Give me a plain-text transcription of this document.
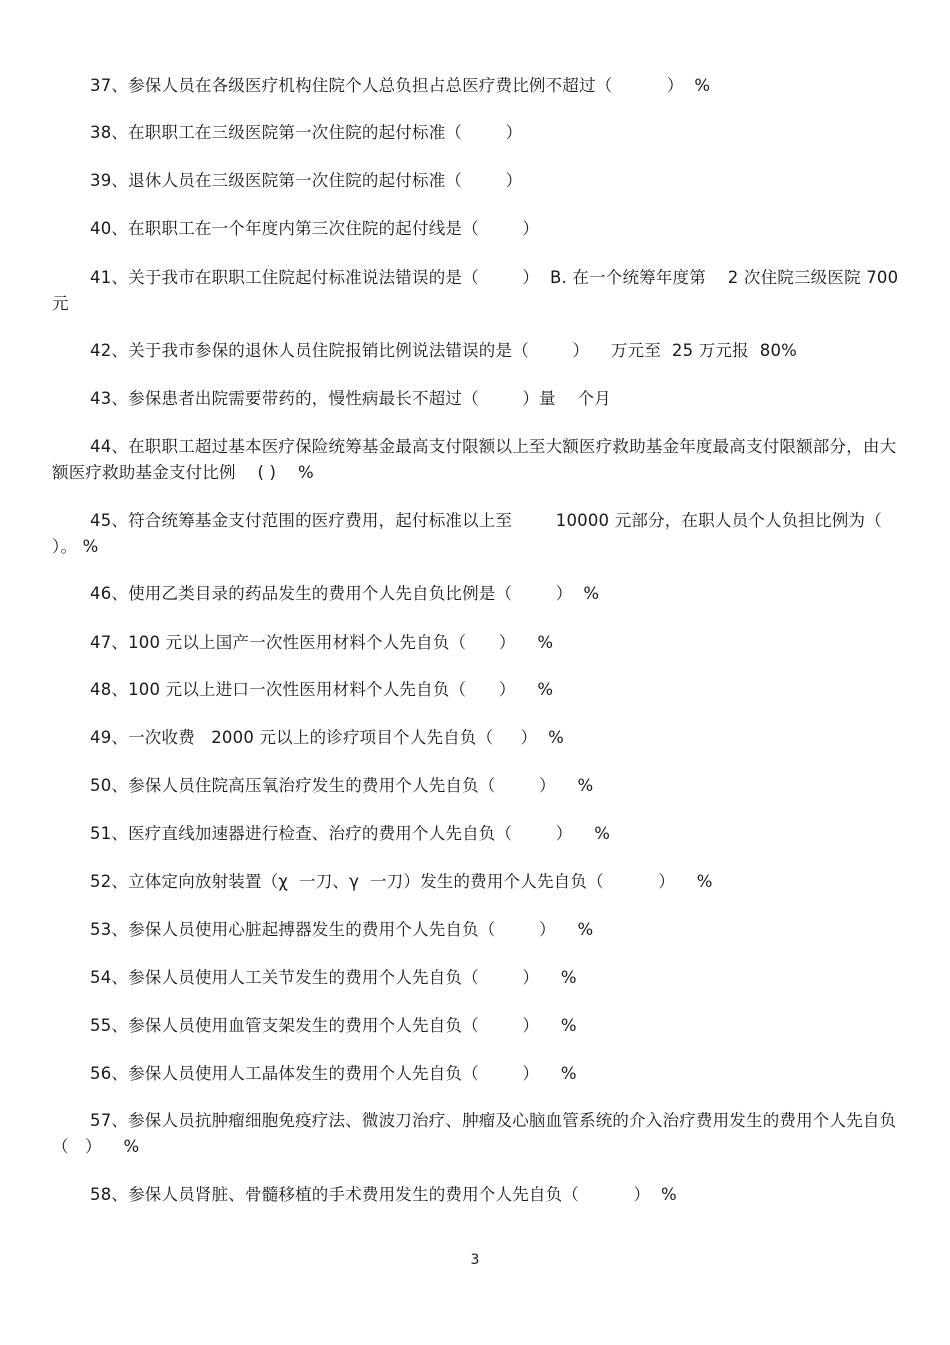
37、参保人员在各级医疗机构住院个人总负担占总医疗费比例不超过（          ）  %
38、在职职工在三级医院第一次住院的起付标准（        ）
39、退休人员在三级医院第一次住院的起付标准（        ）
40、在职职工在一个年度内第三次住院的起付线是（        ）
41、关于我市在职职工住院起付标准说法错误的是（        ）  B. 在一个统筹年度第    2 次住院三级医院 700 元
42、关于我市参保的退休人员住院报销比例说法错误的是（        ）    万元至  25 万元报  80%
43、参保患者出院需要带药的，慢性病最长不超过（        ）量    个月
44、在职职工超过基本医疗保险统筹基金最高支付限额以上至大额医疗救助基金年度最高支付限额部分，由大额医疗救助基金支付比例    ( )    %
45、符合统筹基金支付范围的医疗费用，起付标准以上至        10000 元部分，在职人员个人负担比例为（  ）。 %
46、使用乙类目录的药品发生的费用个人先自负比例是（        ）  %
47、100 元以上国产一次性医用材料个人先自负（      ）    %
48、100 元以上进口一次性医用材料个人先自负（      ）    %
49、一次收费   2000 元以上的诊疗项目个人先自负（     ）  %
50、参保人员住院高压氧治疗发生的费用个人先自负（        ）    %
51、医疗直线加速器进行检查、治疗的费用个人先自负（        ）    %
52、立体定向放射装置（χ  一刀、γ  一刀）发生的费用个人先自负（          ）    %
53、参保人员使用心脏起搏器发生的费用个人先自负（        ）    %
54、参保人员使用人工关节发生的费用个人先自负（        ）    %
55、参保人员使用血管支架发生的费用个人先自负（        ）    %
56、参保人员使用人工晶体发生的费用个人先自负（        ）    %
57、参保人员抗肿瘤细胞免疫疗法、微波刀治疗、肿瘤及心脑血管系统的介入治疗费用发生的费用个人先自负（   ）    %
58、参保人员肾脏、骨髓移植的手术费用发生的费用个人先自负（          ）  %
3
